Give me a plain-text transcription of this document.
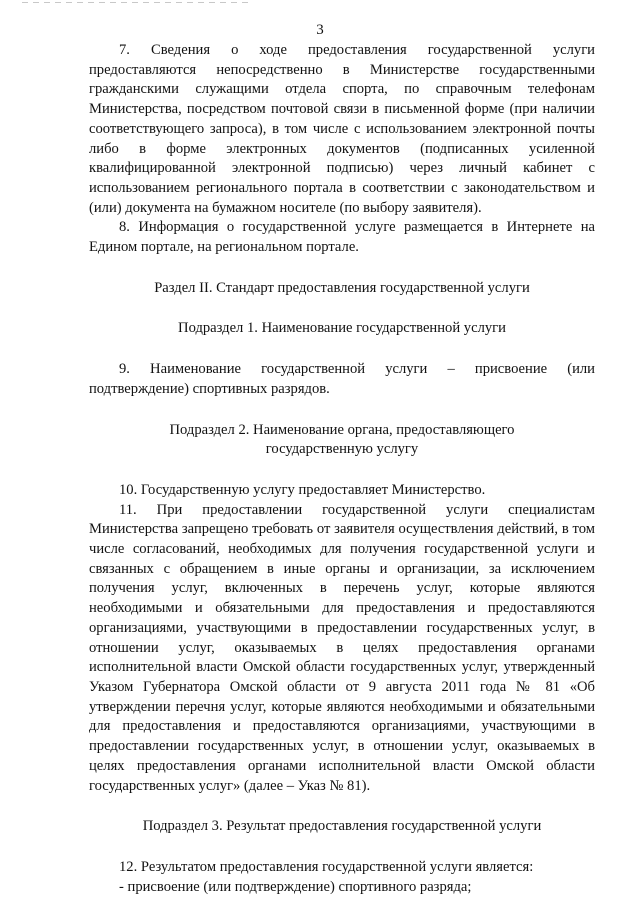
3

7. Сведения о ходе предоставления государственной услуги предоставляются непосредственно в Министерстве государственными гражданскими служащими отдела спорта, по справочным телефонам Министерства, посредством почтовой связи в письменной форме (при наличии соответствующего запроса), в том числе с использованием электронной почты либо в форме электронных документов (подписанных усиленной квалифицированной электронной подписью) через личный кабинет с использованием регионального портала в соответствии с законодательством и (или) документа на бумажном носителе (по выбору заявителя).

8. Информация о государственной услуге размещается в Интернете на Едином портале, на региональном портале.

Раздел II. Стандарт предоставления государственной услуги

Подраздел 1. Наименование государственной услуги

9. Наименование государственной услуги – присвоение (или подтверждение) спортивных разрядов.

Подраздел 2. Наименование органа, предоставляющего

государственную услугу

10. Государственную услугу предоставляет Министерство.

11. При предоставлении государственной услуги специалистам Министерства запрещено требовать от заявителя осуществления действий, в том числе согласований, необходимых для получения государственной услуги и связанных с обращением в иные органы и организации, за исключением получения услуг, включенных в перечень услуг, которые являются необходимыми и обязательными для предоставления и предоставляются организациями, участвующими в предоставлении государственных услуг, в отношении услуг, оказываемых в целях предоставления органами исполнительной власти Омской области государственных услуг, утвержденный Указом Губернатора Омской области от 9 августа 2011 года № 81 «Об утверждении перечня услуг, которые являются необходимыми и обязательными для предоставления и предоставляются организациями, участвующими в предоставлении государственных услуг, в отношении услуг, оказываемых в целях предоставления органами исполнительной власти Омской области государственных услуг» (далее – Указ № 81).

Подраздел 3. Результат предоставления государственной услуги

12. Результатом предоставления государственной услуги является:

- присвоение (или подтверждение) спортивного разряда;
